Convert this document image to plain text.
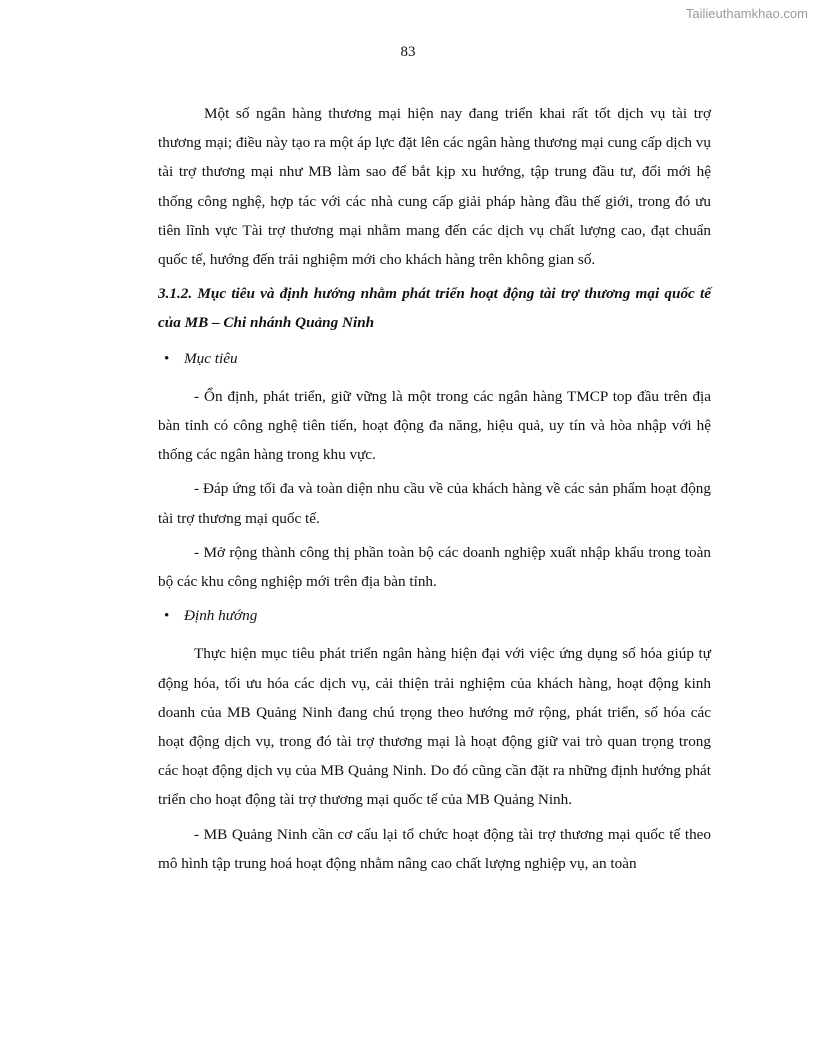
Tailieuthamkhao.com
83

Một số ngân hàng thương mại hiện nay đang triển khai rất tốt dịch vụ tài trợ thương mại; điều này tạo ra một áp lực đặt lên các ngân hàng thương mại cung cấp dịch vụ tài trợ thương mại như MB làm sao để bắt kịp xu hướng, tập trung đầu tư, đổi mới hệ thống công nghệ, hợp tác với các nhà cung cấp giải pháp hàng đầu thế giới, trong đó ưu tiên lĩnh vực Tài trợ thương mại nhằm mang đến các dịch vụ chất lượng cao, đạt chuẩn quốc tế, hướng đến trải nghiệm mới cho khách hàng trên không gian số.

3.1.2. Mục tiêu và định hướng nhằm phát triển hoạt động tài trợ thương mại quốc tế của MB – Chi nhánh Quảng Ninh

• Mục tiêu

- Ổn định, phát triển, giữ vững là một trong các ngân hàng TMCP top đầu trên địa bàn tỉnh có công nghệ tiên tiến, hoạt động đa năng, hiệu quả, uy tín và hòa nhập với hệ thống các ngân hàng trong khu vực.

- Đáp ứng tối đa và toàn diện nhu cầu về của khách hàng về các sản phẩm hoạt động tài trợ thương mại quốc tế.

- Mở rộng thành công thị phần toàn bộ các doanh nghiệp xuất nhập khẩu trong toàn bộ các khu công nghiệp mới trên địa bàn tỉnh.

• Định hướng

Thực hiện mục tiêu phát triển ngân hàng hiện đại với việc ứng dụng số hóa giúp tự động hóa, tối ưu hóa các dịch vụ, cải thiện trải nghiệm của khách hàng, hoạt động kinh doanh của MB Quảng Ninh đang chú trọng theo hướng mở rộng, phát triển, số hóa các hoạt động dịch vụ, trong đó tài trợ thương mại là hoạt động giữ vai trò quan trọng trong các hoạt động dịch vụ của MB Quảng Ninh. Do đó cũng cần đặt ra những định hướng phát triển cho hoạt động tài trợ thương mại quốc tế của MB Quảng Ninh.

- MB Quảng Ninh cần cơ cấu lại tổ chức hoạt động tài trợ thương mại quốc tế theo mô hình tập trung hoá hoạt động nhằm nâng cao chất lượng nghiệp vụ, an toàn
